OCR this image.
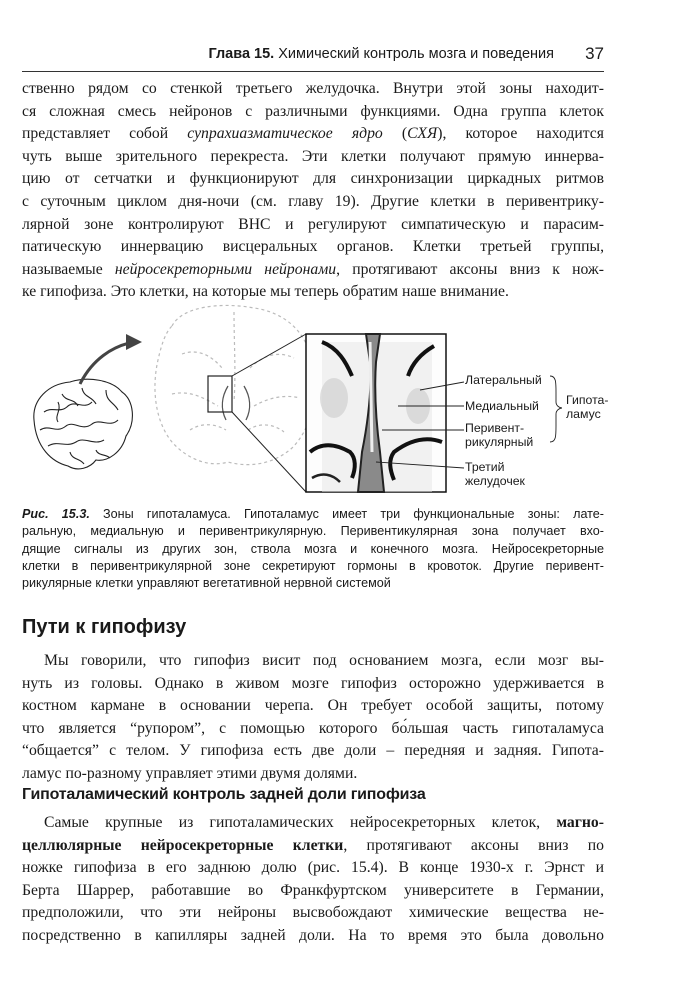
Глава 15. Химический контроль мозга и поведения 37
ственно рядом со стенкой третьего желудочка. Внутри этой зоны находит-
ся сложная смесь нейронов с различными функциями. Одна группа клеток
представляет собой супрахиазматическое ядро (СХЯ), которое находится
чуть выше зрительного перекреста. Эти клетки получают прямую иннерва-
цию от сетчатки и функционируют для синхронизации циркадных ритмов
с суточным циклом дня-ночи (см. главу 19). Другие клетки в перивентрику-
лярной зоне контролируют ВНС и регулируют симпатическую и парасим-
патическую иннервацию висцеральных органов. Клетки третьей группы,
называемые нейросекреторными нейронами, протягивают аксоны вниз к нож-
ке гипофиза. Это клетки, на которые мы теперь обратим наше внимание.
Латеральный
Медиальный
Перивент-
рикулярный
Третий
желудочек
Гипота-
ламус
Рис. 15.3. Зоны гипоталамуса. Гипоталамус имеет три функциональные зоны: лате-
ральную, медиальную и перивентрикулярную. Перивентикулярная зона получает вхо-
дящие сигналы из других зон, ствола мозга и конечного мозга. Нейросекреторные
клетки в перивентрикулярной зоне секретируют гормоны в кровоток. Другие перивент-
рикулярные клетки управляют вегетативной нервной системой
Пути к гипофизу
Мы говорили, что гипофиз висит под основанием мозга, если мозг вы-
нуть из головы. Однако в живом мозге гипофиз осторожно удерживается в
костном кармане в основании черепа. Он требует особой защиты, потому
что является “рупором”, с помощью которого бо́льшая часть гипоталамуса
“общается” с телом. У гипофиза есть две доли – передняя и задняя. Гипота-
ламус по-разному управляет этими двумя долями.
Гипоталамический контроль задней доли гипофиза
Самые крупные из гипоталамических нейросекреторных клеток, магно-
целлюлярные нейросекреторные клетки, протягивают аксоны вниз по
ножке гипофиза в его заднюю долю (рис. 15.4). В конце 1930-х г. Эрнст и
Берта Шаррер, работавшие во Франкфуртском университете в Германии,
предположили, что эти нейроны высвобождают химические вещества не-
посредственно в капилляры задней доли. На то время это была довольно
